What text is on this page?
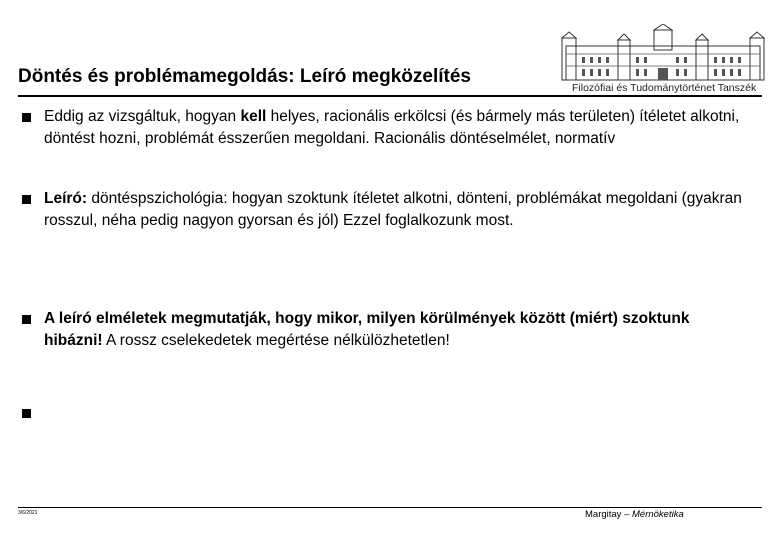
Filozófiai és Tudománytörténet Tanszék
Döntés és problémamegoldás: Leíró megközelítés
Eddig az vizsgáltuk, hogyan kell helyes, racionális erkölcsi (és bármely más területen) ítéletet alkotni, döntést hozni, problémát ésszerűen megoldani. Racionális döntéselmélet, normatív
Leíró: döntéspszichológia: hogyan szoktunk ítéletet alkotni, dönteni, problémákat megoldani (gyakran rosszul, néha pedig nagyon gyorsan és jól) Ezzel foglalkozunk most.
A leíró elméletek megmutatják, hogy mikor, milyen körülmények között (miért) szoktunk hibázni! A rossz cselekedetek megértése nélkülözhetetlen!
3/6/2021	Margitay – Mérnöketika
